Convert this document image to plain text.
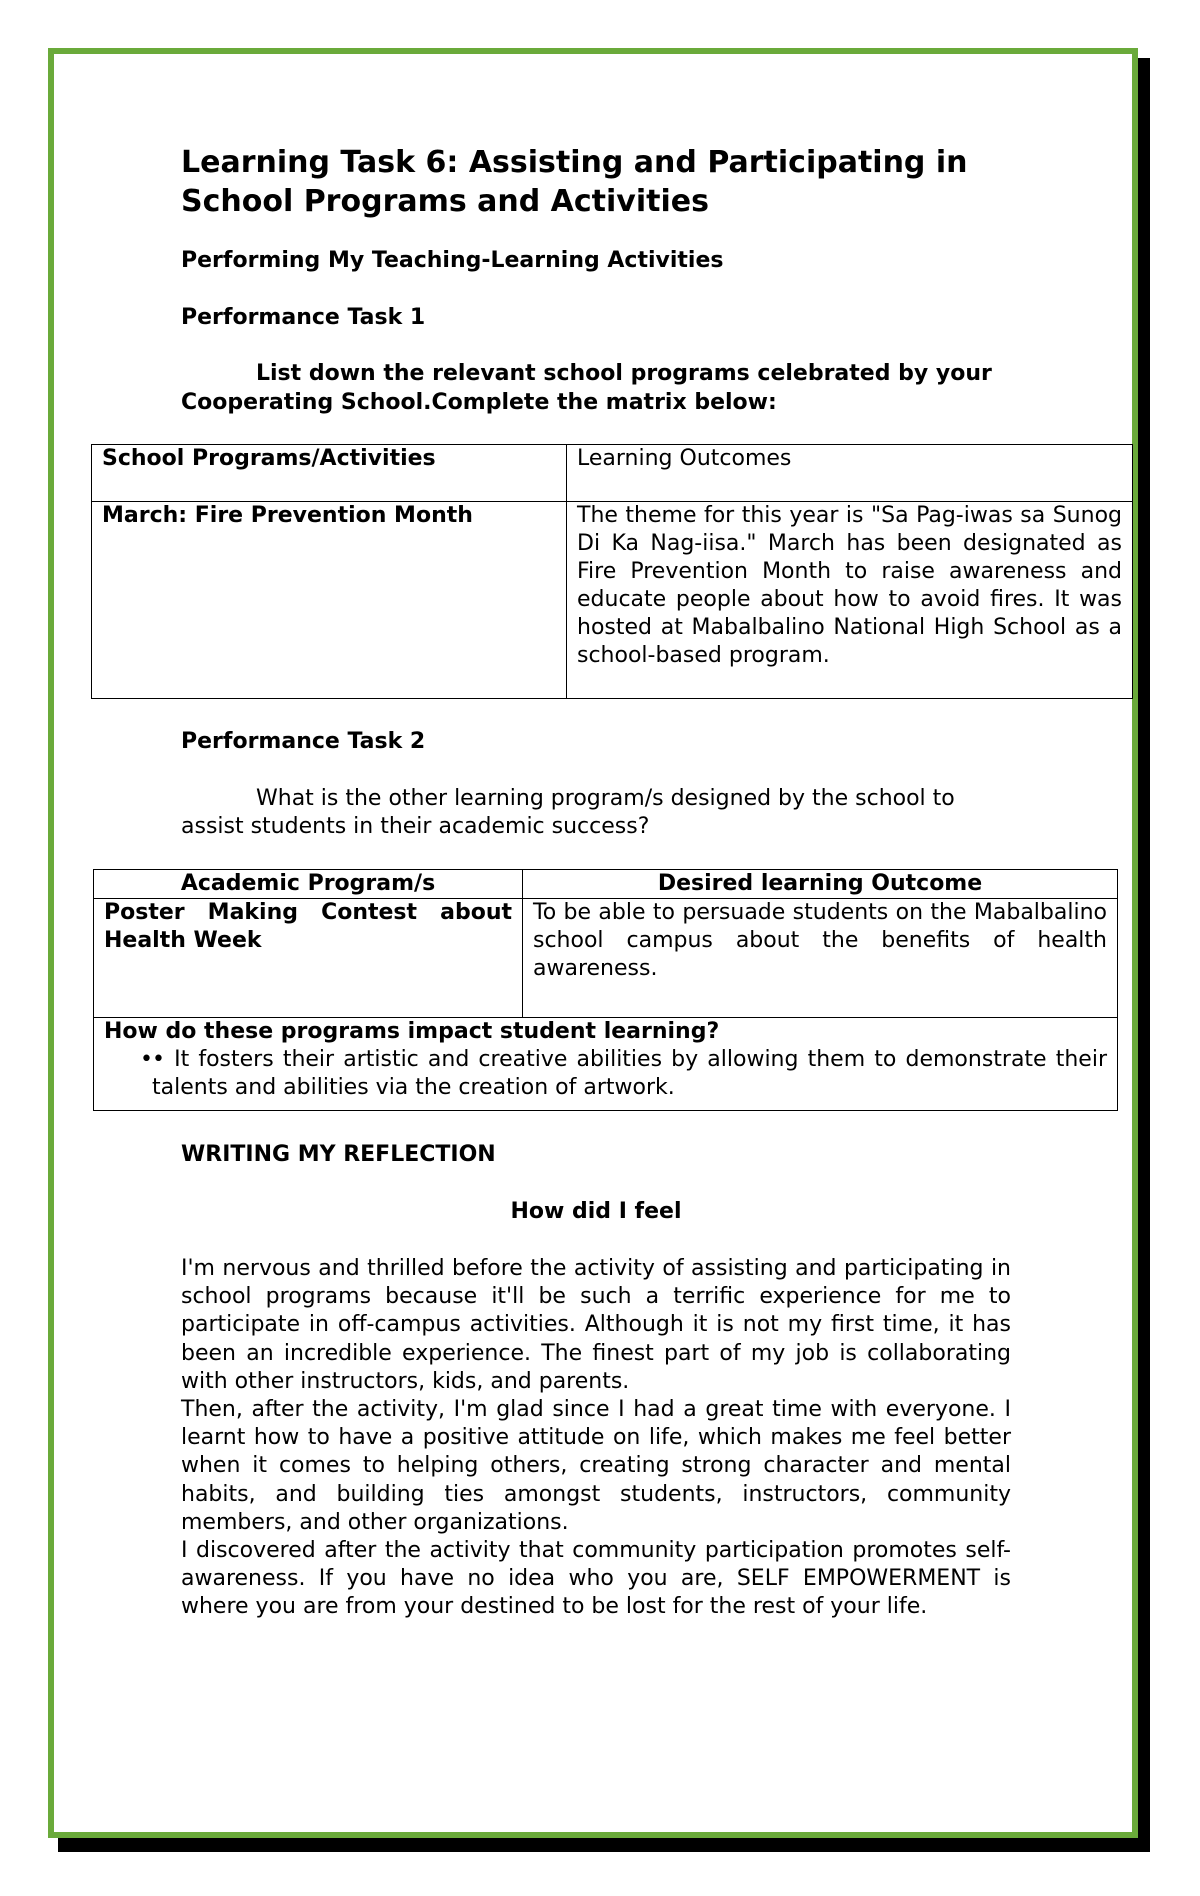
Learning Task 6: Assisting and Participating in School Programs and Activities
Performing My Teaching-Learning Activities
Performance Task 1
List down the relevant school programs celebrated by your Cooperating School.Complete the matrix below:
School Programs/Activities	Learning Outcomes
March: Fire Prevention Month	The theme for this year is "Sa Pag-iwas sa Sunog Di Ka Nag-iisa." March has been designated as Fire Prevention Month to raise awareness and educate people about how to avoid fires. It was hosted at Mabalbalino National High School as a school-based program.
Performance Task 2
What is the other learning program/s designed by the school to assist students in their academic success?
Academic Program/s	Desired learning Outcome
Poster Making Contest about Health Week	To be able to persuade students on the Mabalbalino school campus about the benefits of health awareness.

How do these programs impact student learning?
• • It fosters their artistic and creative abilities by allowing them to demonstrate their talents and abilities via the creation of artwork.	
WRITING MY REFLECTION
How did I feel

I'm nervous and thrilled before the activity of assisting and participating in school programs because it'll be such a terrific experience for me to participate in off-campus activities. Although it is not my first time, it has been an incredible experience. The finest part of my job is collaborating with other instructors, kids, and parents.

Then, after the activity, I'm glad since I had a great time with everyone. I learnt how to have a positive attitude on life, which makes me feel better when it comes to helping others, creating strong character and mental habits, and building ties amongst students, instructors, community members, and other organizations.

I discovered after the activity that community participation promotes self-awareness. If you have no idea who you are, SELF EMPOWERMENT is where you are from your destined to be lost for the rest of your life.
